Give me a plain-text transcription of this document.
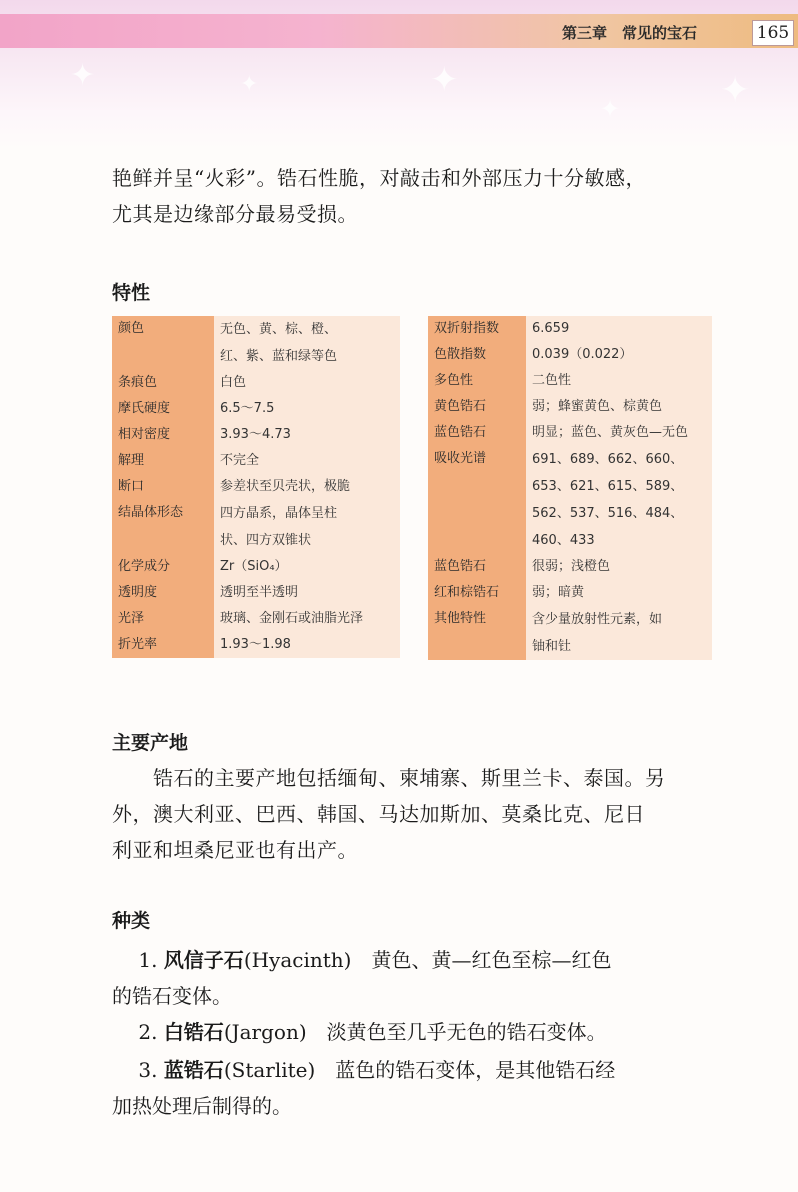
✦	✦	✦
✦	✦
第三章　常见的宝石	165
艳鲜并呈“火彩”。锆石性脆，对敲击和外部压力十分敏感，
尤其是边缘部分最易受损。
特性
颜色	无色、黄、棕、橙、
红、紫、蓝和绿等色

条痕色	白色

摩氏硬度	6.5～7.5

相对密度	3.93～4.73

解理	不完全

断口	参差状至贝壳状，极脆

结晶体形态	四方晶系，晶体呈柱
状、四方双锥状

化学成分	Zr（SiO₄）

透明度	透明至半透明

光泽	玻璃、金刚石或油脂光泽

折光率	1.93～1.98
双折射指数	6.659

色散指数	0.039（0.022）

多色性	二色性

黄色锆石	弱；蜂蜜黄色、棕黄色

蓝色锆石	明显；蓝色、黄灰色—无色

吸收光谱	691、689、662、660、
653、621、615、589、
562、537、516、484、
460、433

蓝色锆石	很弱；浅橙色

红和棕锆石	弱；暗黄

其他特性	含少量放射性元素，如
铀和钍
主要产地
　　锆石的主要产地包括缅甸、柬埔寨、斯里兰卡、泰国。另
外，澳大利亚、巴西、韩国、马达加斯加、莫桑比克、尼日
利亚和坦桑尼亚也有出产。
种类
　 1. 风信子石(Hyacinth)　黄色、黄—红色至棕—红色
的锆石变体。
　 2. 白锆石(Jargon)　淡黄色至几乎无色的锆石变体。
　 3. 蓝锆石(Starlite)　蓝色的锆石变体，是其他锆石经
加热处理后制得的。
